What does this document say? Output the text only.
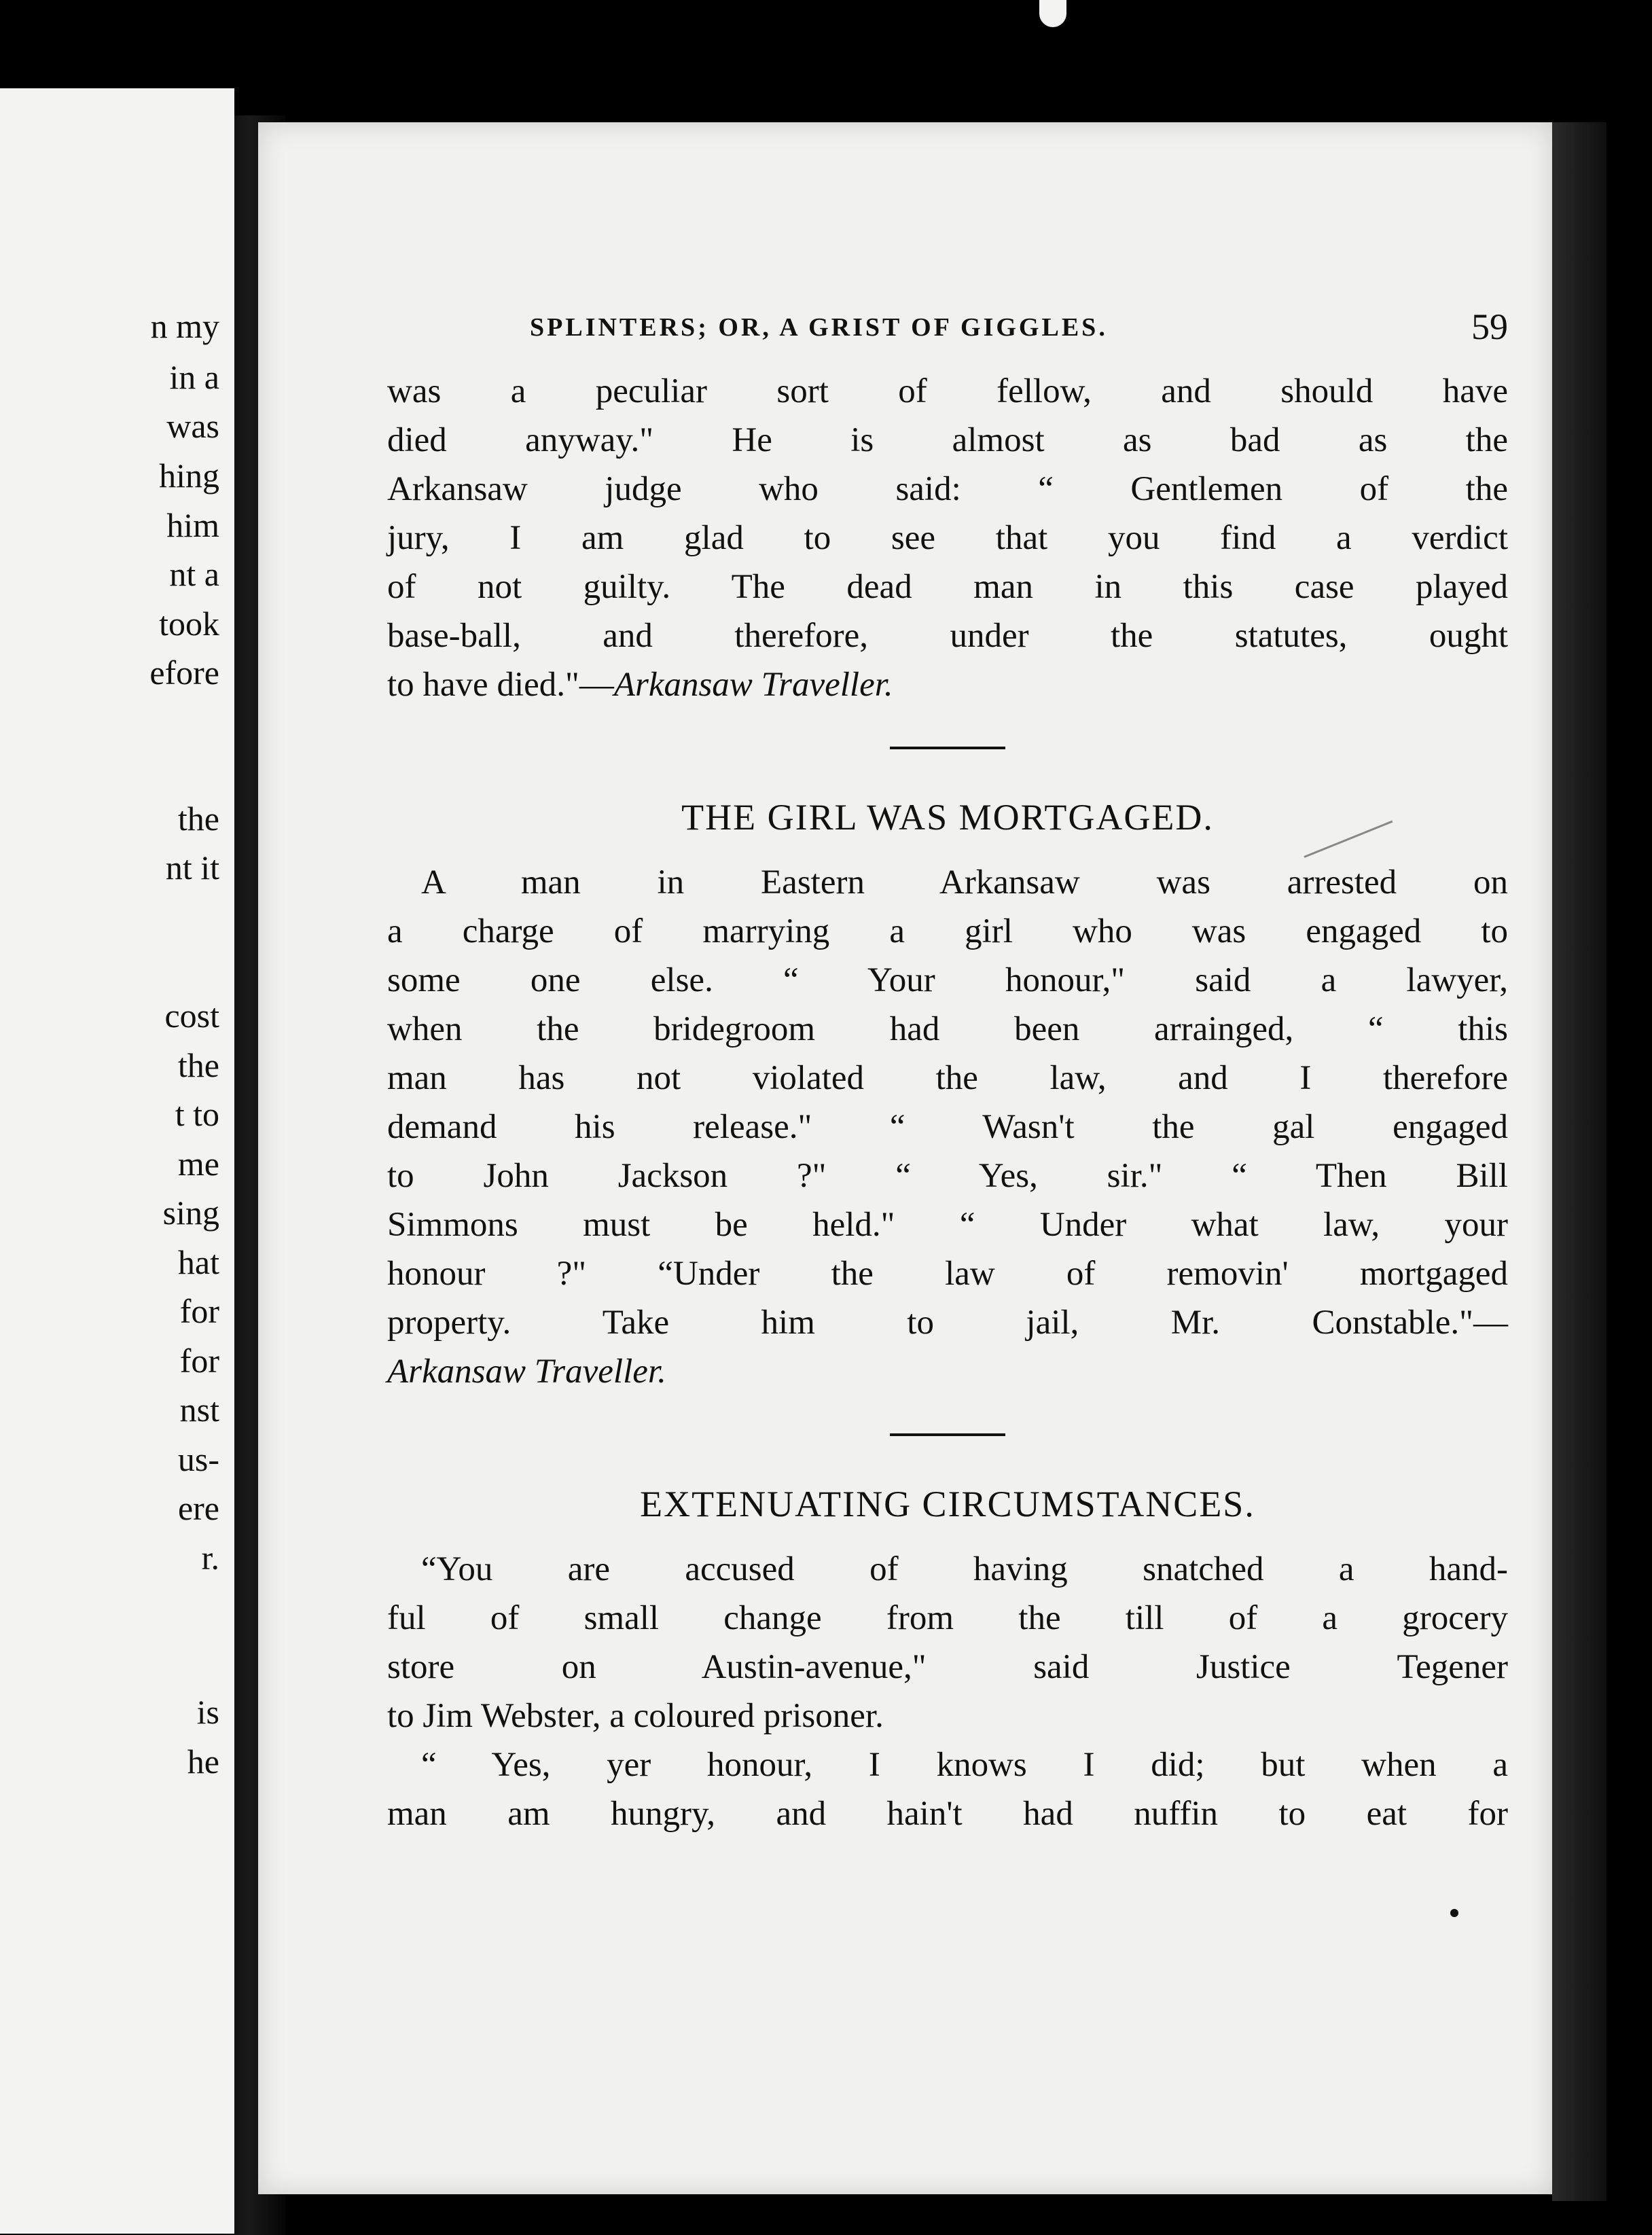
n my
in a
was
hing
him
nt a
took
efore
the
nt it
cost
the
t to
me
sing
hat
for
for
nst
us-
ere
r.
is
he
SPLINTERS; OR, A GRIST OF GIGGLES.	59
was a peculiar sort of fellow, and should have
died anyway." He is almost as bad as the
Arkansaw judge who said: “ Gentlemen of the
jury, I am glad to see that you find a verdict
of not guilty. The dead man in this case played
base-ball, and therefore, under the statutes, ought
to have died."—Arkansaw Traveller.
THE GIRL WAS MORTGAGED.
A man in Eastern Arkansaw was arrested on
a charge of marrying a girl who was engaged to
some one else. “ Your honour," said a lawyer,
when the bridegroom had been arrainged, “ this
man has not violated the law, and I therefore
demand his release." “ Wasn't the gal engaged
to John Jackson ?" “ Yes, sir." “ Then Bill
Simmons must be held." “ Under what law, your
honour ?" “Under the law of removin' mortgaged
property. Take him to jail, Mr. Constable."—
Arkansaw Traveller.
EXTENUATING CIRCUMSTANCES.
“You are accused of having snatched a hand-
ful of small change from the till of a grocery
store on Austin-avenue," said Justice Tegener
to Jim Webster, a coloured prisoner.
“ Yes, yer honour, I knows I did; but when a
man am hungry, and hain't had nuffin to eat for
